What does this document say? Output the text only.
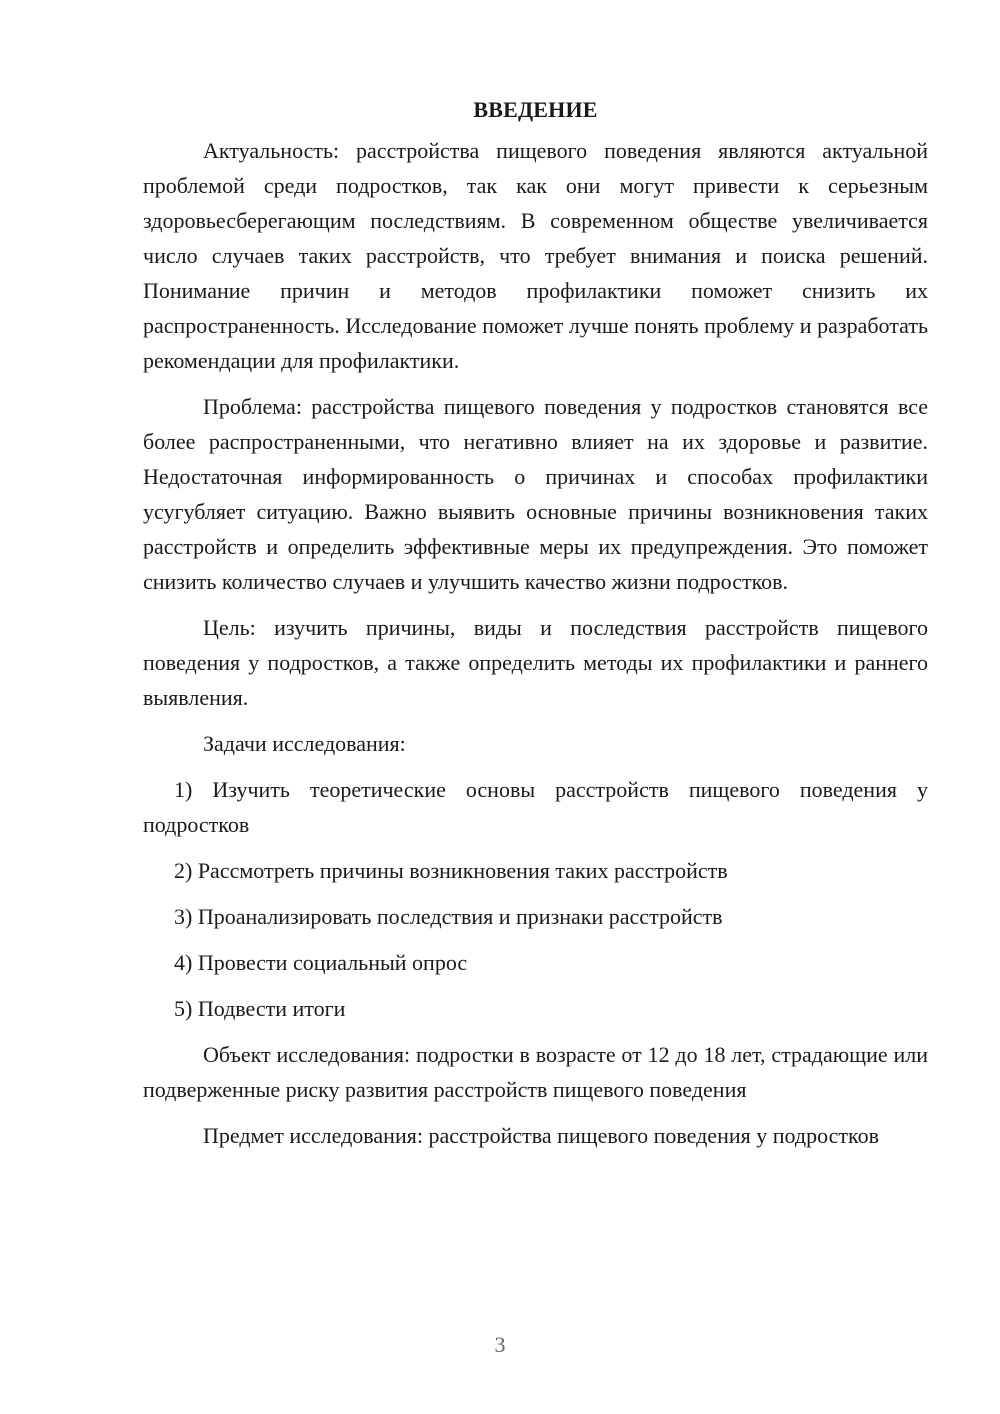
ВВЕДЕНИЕ

Актуальность: расстройства пищевого поведения являются актуальной проблемой среди подростков, так как они могут привести к серьезным здоровьесберегающим последствиям. В современном обществе увеличивается число случаев таких расстройств, что требует внимания и поиска решений. Понимание причин и методов профилактики поможет снизить их распространенность. Исследование поможет лучше понять проблему и разработать рекомендации для профилактики.

Проблема: расстройства пищевого поведения у подростков становятся все более распространенными, что негативно влияет на их здоровье и развитие. Недостаточная информированность о причинах и способах профилактики усугубляет ситуацию. Важно выявить основные причины возникновения таких расстройств и определить эффективные меры их предупреждения. Это поможет снизить количество случаев и улучшить качество жизни подростков.

Цель: изучить причины, виды и последствия расстройств пищевого поведения у подростков, а также определить методы их профилактики и раннего выявления.

Задачи исследования:

1) Изучить теоретические основы расстройств пищевого поведения у подростков

2) Рассмотреть причины возникновения таких расстройств

3) Проанализировать последствия и признаки расстройств

4) Провести социальный опрос

5) Подвести итоги

Объект исследования: подростки в возрасте от 12 до 18 лет, страдающие или подверженные риску развития расстройств пищевого поведения

Предмет исследования: расстройства пищевого поведения у подростков

3
